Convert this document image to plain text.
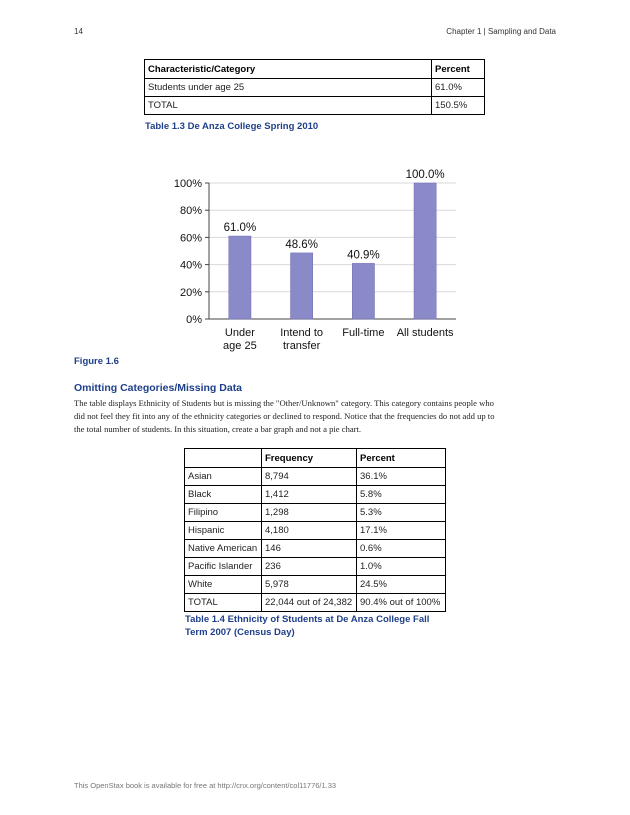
14	Chapter 1 | Sampling and Data
Characteristic/Category	Percent
Students under age 25	61.0%
TOTAL	150.5%
Table 1.3 De Anza College Spring 2010
0%
20%
40%
60%
80%
100%
61.0%
Under
age 25
48.6%
Intend to
transfer
40.9%
Full-time
100.0%
All students
Figure 1.6
Omitting Categories/Missing Data
The table displays Ethnicity of Students but is missing the "Other/Unknown" category. This category contains people who
did not feel they fit into any of the ethnicity categories or declined to respond. Notice that the frequencies do not add up to
the total number of students. In this situation, create a bar graph and not a pie chart.
	Frequency	Percent
Asian	8,794	36.1%
Black	1,412	5.8%
Filipino	1,298	5.3%
Hispanic	4,180	17.1%
Native American	146	0.6%
Pacific Islander	236	1.0%
White	5,978	24.5%
TOTAL	22,044 out of 24,382	90.4% out of 100%
Table 1.4 Ethnicity of Students at De Anza College Fall
Term 2007 (Census Day)
This OpenStax book is available for free at http://cnx.org/content/col11776/1.33
